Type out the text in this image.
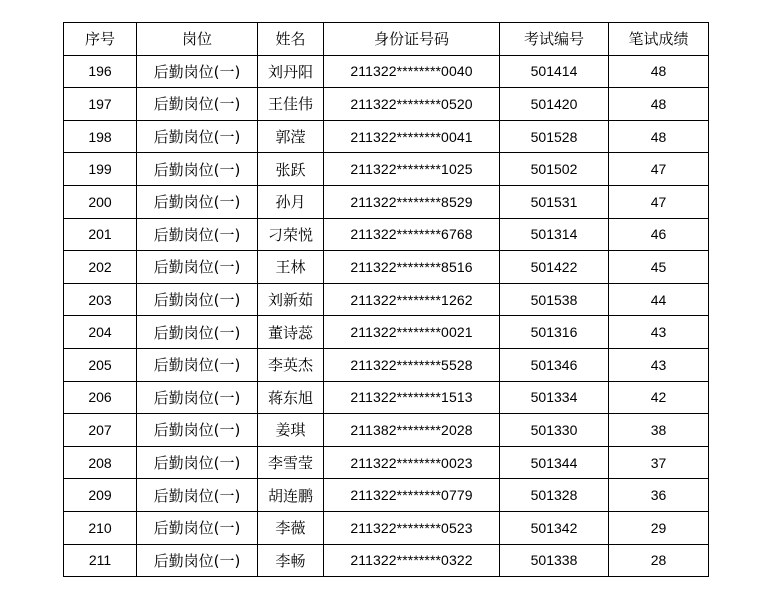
序号	岗位	姓名	身份证号码	考试编号	笔试成绩
196	后勤岗位(一)	刘丹阳	211322********0040	501414	48
197	后勤岗位(一)	王佳伟	211322********0520	501420	48
198	后勤岗位(一)	郭滢	211322********0041	501528	48
199	后勤岗位(一)	张跃	211322********1025	501502	47
200	后勤岗位(一)	孙月	211322********8529	501531	47
201	后勤岗位(一)	刁荣悦	211322********6768	501314	46
202	后勤岗位(一)	王林	211322********8516	501422	45
203	后勤岗位(一)	刘新茹	211322********1262	501538	44
204	后勤岗位(一)	董诗蕊	211322********0021	501316	43
205	后勤岗位(一)	李英杰	211322********5528	501346	43
206	后勤岗位(一)	蒋东旭	211322********1513	501334	42
207	后勤岗位(一)	姜琪	211382********2028	501330	38
208	后勤岗位(一)	李雪莹	211322********0023	501344	37
209	后勤岗位(一)	胡连鹏	211322********0779	501328	36
210	后勤岗位(一)	李薇	211322********0523	501342	29
211	后勤岗位(一)	李畅	211322********0322	501338	28
